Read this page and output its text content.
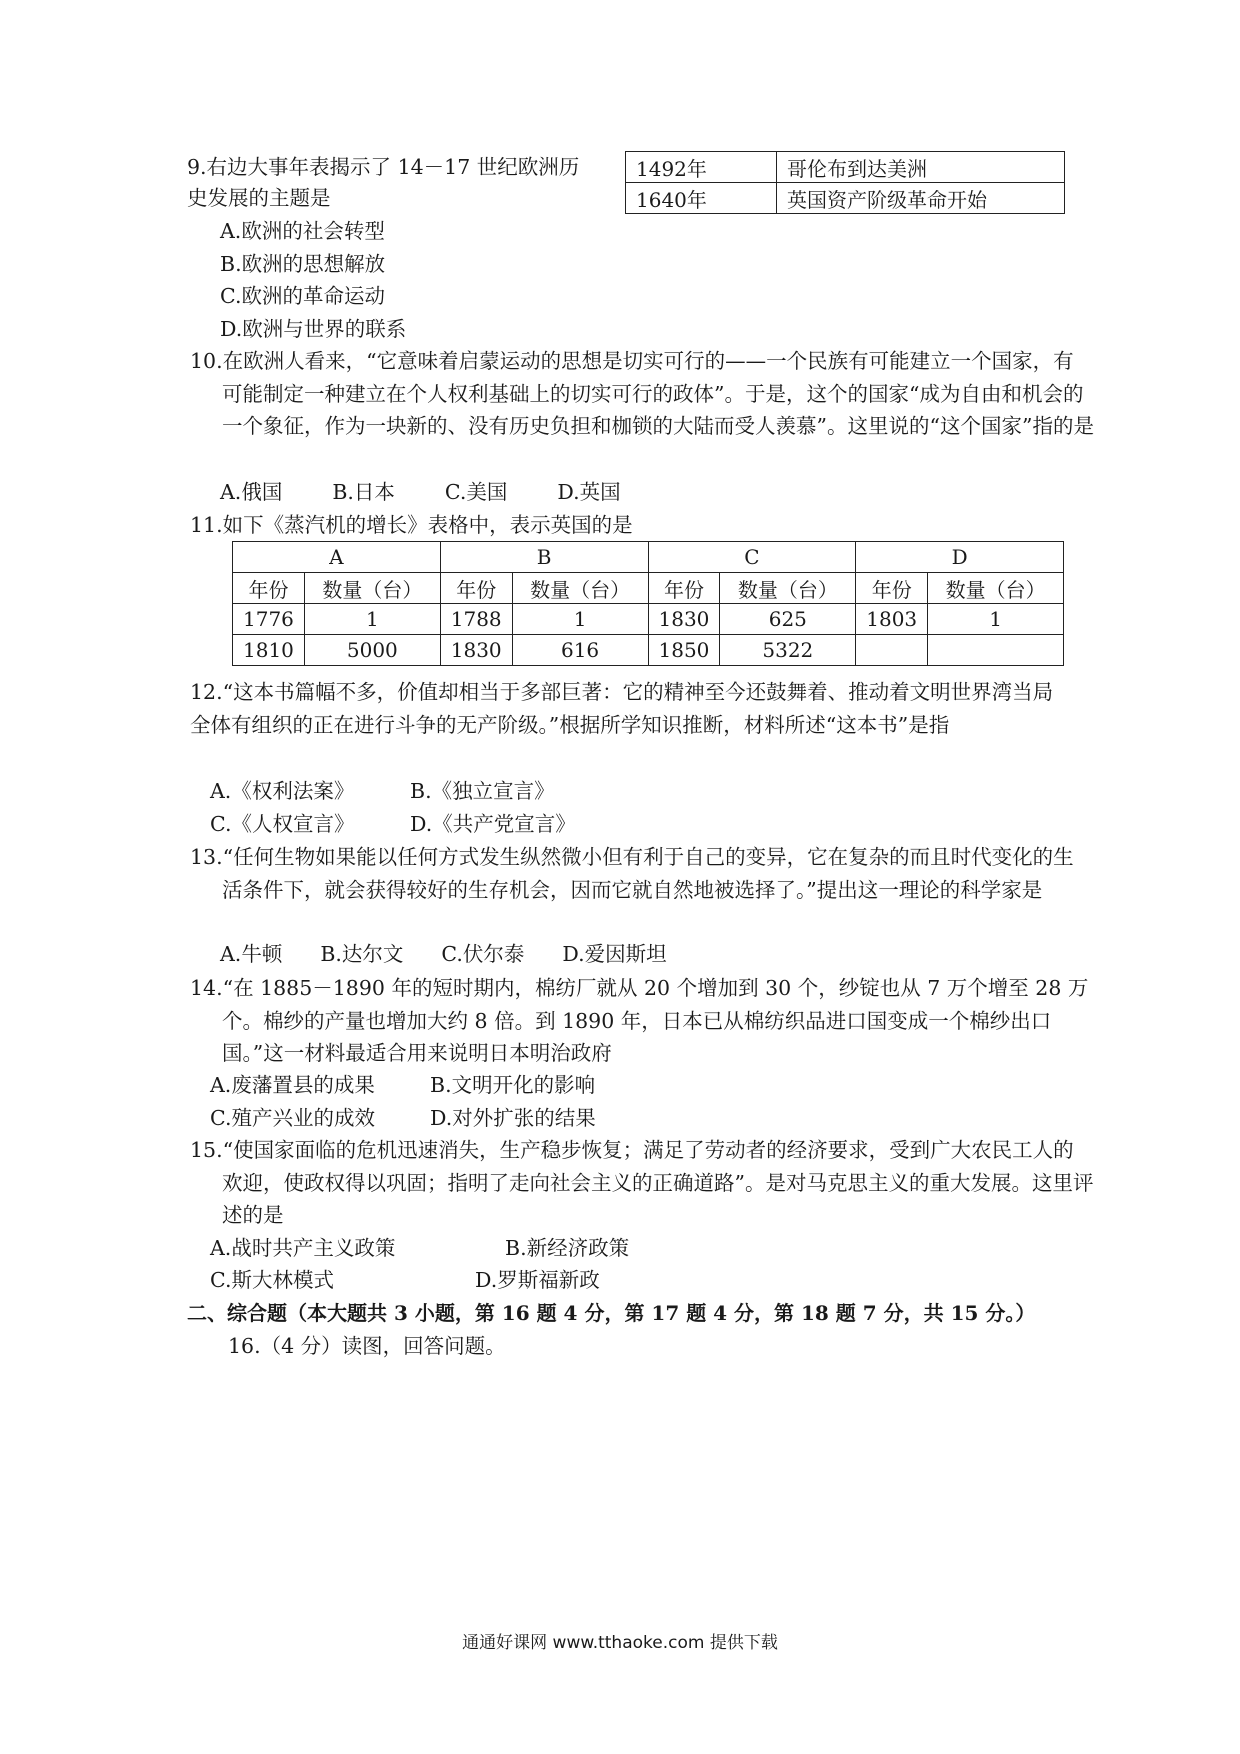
9.右边大事年表揭示了 14－17 世纪欧洲历
史发展的主题是
1492年	哥伦布到达美洲
1640年	英国资产阶级革命开始
A.欧洲的社会转型
B.欧洲的思想解放
C.欧洲的革命运动
D.欧洲与世界的联系
10.在欧洲人看来，“它意味着启蒙运动的思想是切实可行的——一个民族有可能建立一个国家，有可能制定一种建立在个人权利基础上的切实可行的政体”。于是，这个的国家“成为自由和机会的一个象征，作为一块新的、没有历史负担和枷锁的大陆而受人羡慕”。这里说的“这个国家”指的是
A.俄国 B.日本 C.美国 D.英国
11.如下《蒸汽机的增长》表格中，表示英国的是
A		B		C		D	
年份	数量（台）	年份	数量（台）	年份	数量（台）	年份	数量（台）
1776	1	1788	1	1830	625	1803	1
1810	5000	1830	616	1850	5322		
12.“这本书篇幅不多，价值却相当于多部巨著：它的精神至今还鼓舞着、推动着文明世界湾当局全体有组织的正在进行斗争的无产阶级。”根据所学知识推断，材料所述“这本书”是指
A.《权利法案》	B.《独立宣言》
C.《人权宣言》	D.《共产党宣言》
13.“任何生物如果能以任何方式发生纵然微小但有利于自己的变异，它在复杂的而且时代变化的生活条件下，就会获得较好的生存机会，因而它就自然地被选择了。”提出这一理论的科学家是
A.牛顿 B.达尔文 C.伏尔泰 D.爱因斯坦
14.“在 1885－1890 年的短时期内，棉纺厂就从 20 个增加到 30 个，纱锭也从 7 万个增至 28 万个。棉纱的产量也增加大约 8 倍。到 1890 年，日本已从棉纺织品进口国变成一个棉纱出口国。”这一材料最适合用来说明日本明治政府
A.废藩置县的成果	B.文明开化的影响
C.殖产兴业的成效	D.对外扩张的结果
15.“使国家面临的危机迅速消失，生产稳步恢复；满足了劳动者的经济要求，受到广大农民工人的欢迎，使政权得以巩固；指明了走向社会主义的正确道路”。是对马克思主义的重大发展。这里评述的是
A.战时共产主义政策	B.新经济政策
C.斯大林模式	D.罗斯福新政
二、综合题（本大题共 3 小题，第 16 题 4 分，第 17 题 4 分，第 18 题 7 分，共 15 分。）
16.（4 分）读图，回答问题。
通通好课网 www.tthaoke.com 提供下载
